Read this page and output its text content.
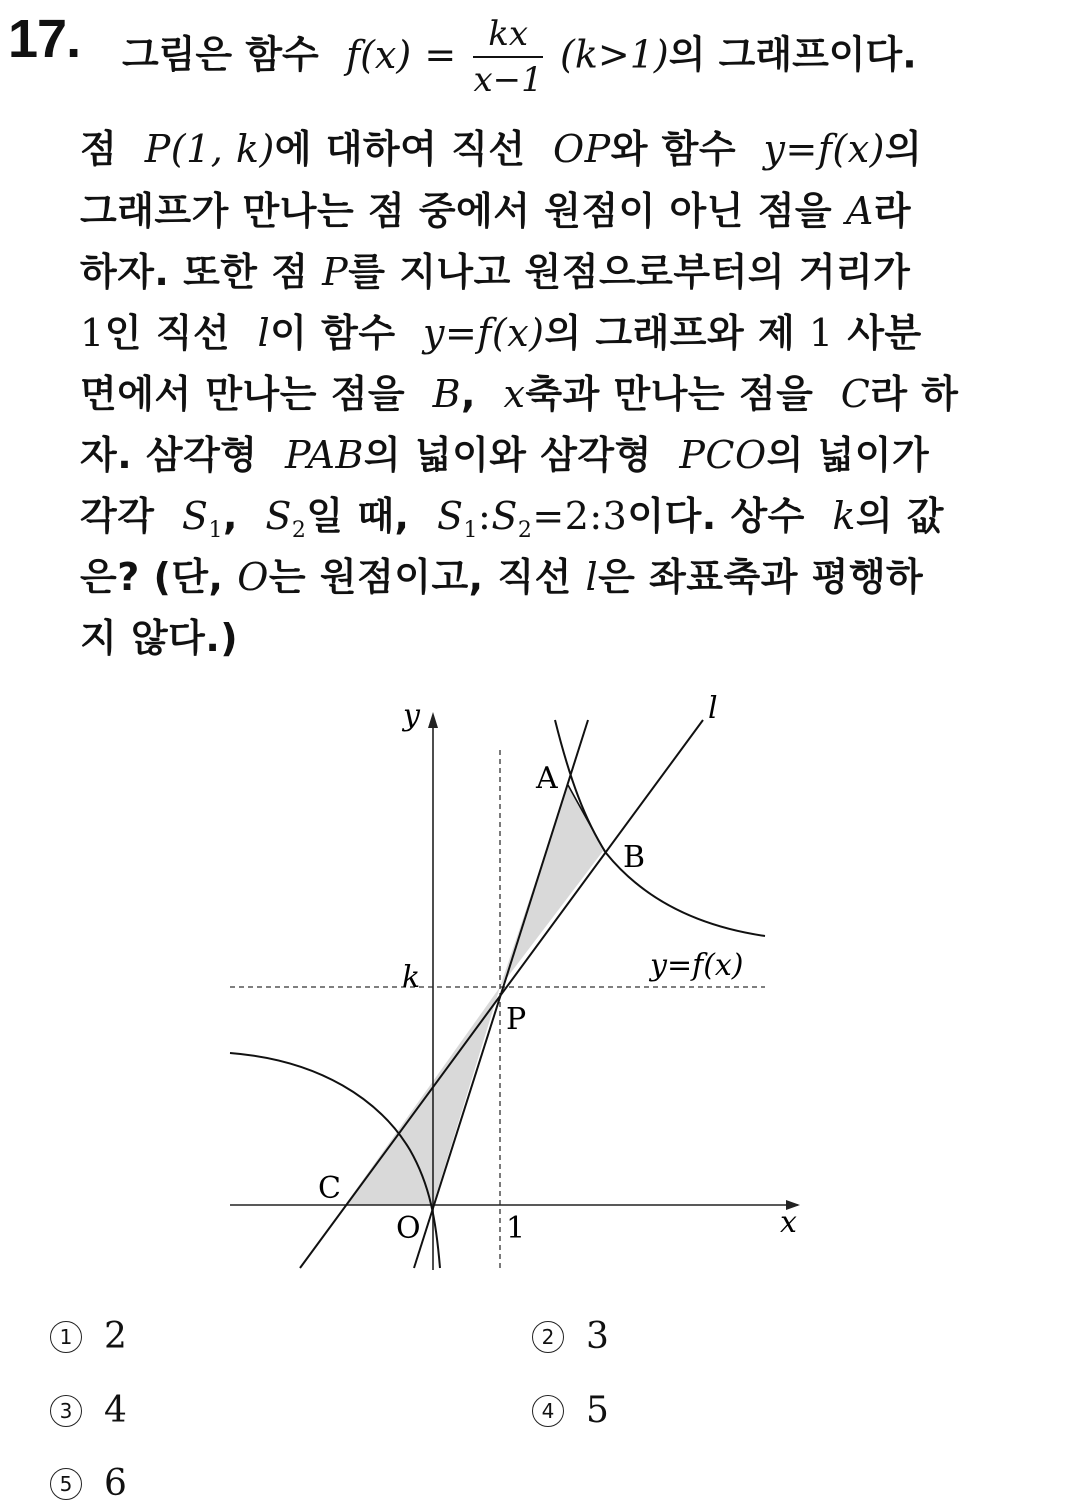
17. 그림은 함수 $f(x) = \frac{kx}{x-1} (k>1)$의 그래프이다.
점 P(1, k)에 대하여 직선 OP와 함수 y=f(x)의
그래프가 만나는 점 중에서 원점이 아닌 점을 A라
하자. 또한 점 P를 지나고 원점으로부터의 거리가
1인 직선 l이 함수 y=f(x)의 그래프와 제 1 사분
면에서 만나는 점을 B, x축과 만나는 점을 C라 하
자. 삼각형 PAB의 넓이와 삼각형 PCO의 넓이가
각각 $S_1$, $S_2$일 때, $S_1:S_2=2:3$이다. 상수 k의 값
은? (단, O는 원점이고, 직선 l은 좌표축과 평행하
지 않다.)
y
x
O
k
1
A
B
C
P
l
y=f(x)
1 2	2 3
3 4	4 5
5 6
